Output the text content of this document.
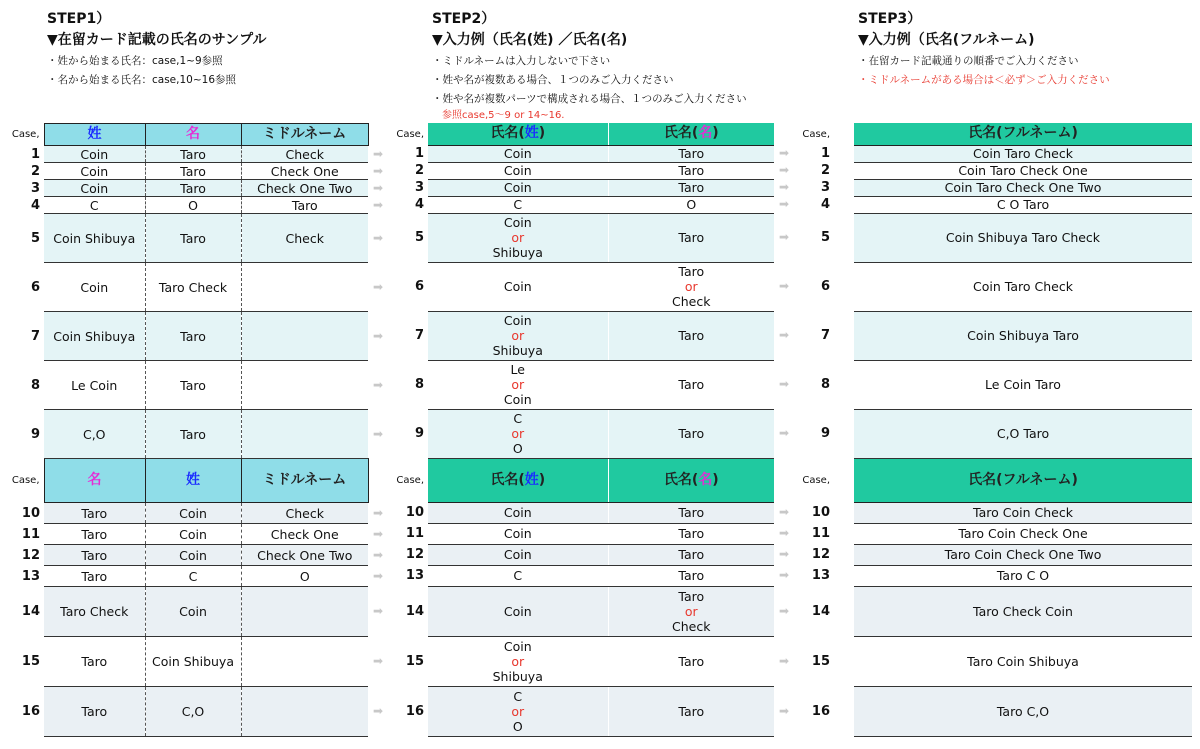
STEP1）
▼在留カード記載の氏名のサンプル
・姓から始まる氏名：case,1~9参照
・名から始まる氏名：case,10~16参照
STEP2）
▼入力例（氏名(姓) ／氏名(名)
・ミドルネームは入力しないで下さい
・姓や名が複数ある場合、１つのみご入力ください
・姓や名が複数パーツで構成される場合、１つのみご入力ください
参照case,5〜9 or 14~16.
STEP3）
▼入力例（氏名(フルネーム)
・在留カード記載通りの順番でご入力ください
・ミドルネームがある場合は＜必ず＞ご入力ください
Case,	姓	名	ミドルネーム	
1	Coin	Taro	Check	➡
2	Coin	Taro	Check One	➡
3	Coin	Taro	Check One Two	➡
4	C	O	Taro	➡
5	Coin Shibuya	Taro	Check	➡
6	Coin	Taro Check		➡
7	Coin Shibuya	Taro		➡
8	Le Coin	Taro		➡
9	C,O	Taro		➡
Case,	名	姓	ミドルネーム	
10	Taro	Coin	Check	➡
11	Taro	Coin	Check One	➡
12	Taro	Coin	Check One Two	➡
13	Taro	C	O	➡
14	Taro Check	Coin		➡
15	Taro	Coin Shibuya		➡
16	Taro	C,O		➡
Case,	氏名(姓)	氏名(名)	
1	Coin	Taro	➡
2	Coin	Taro	➡
3	Coin	Taro	➡
4	C	O	➡
5	Coin
or
Shibuya	Taro	➡
6	Coin	Taro
or
Check	➡
7	Coin
or
Shibuya	Taro	➡
8	Le
or
Coin	Taro	➡
9	C
or
O	Taro	➡
Case,	氏名(姓)	氏名(名)	
10	Coin	Taro	➡
11	Coin	Taro	➡
12	Coin	Taro	➡
13	C	Taro	➡
14	Coin	Taro
or
Check	➡
15	Coin
or
Shibuya	Taro	➡
16	C
or
O	Taro	➡
Case,		氏名(フルネーム)
1		Coin Taro Check
2		Coin Taro Check One
3		Coin Taro Check One Two
4		C O Taro
5		Coin Shibuya Taro Check
6		Coin Taro Check
7		Coin Shibuya Taro
8		Le Coin Taro
9		C,O Taro
Case,		氏名(フルネーム)
10		Taro Coin Check
11		Taro Coin Check One
12		Taro Coin Check One Two
13		Taro C O
14		Taro Check Coin
15		Taro Coin Shibuya
16		Taro C,O
